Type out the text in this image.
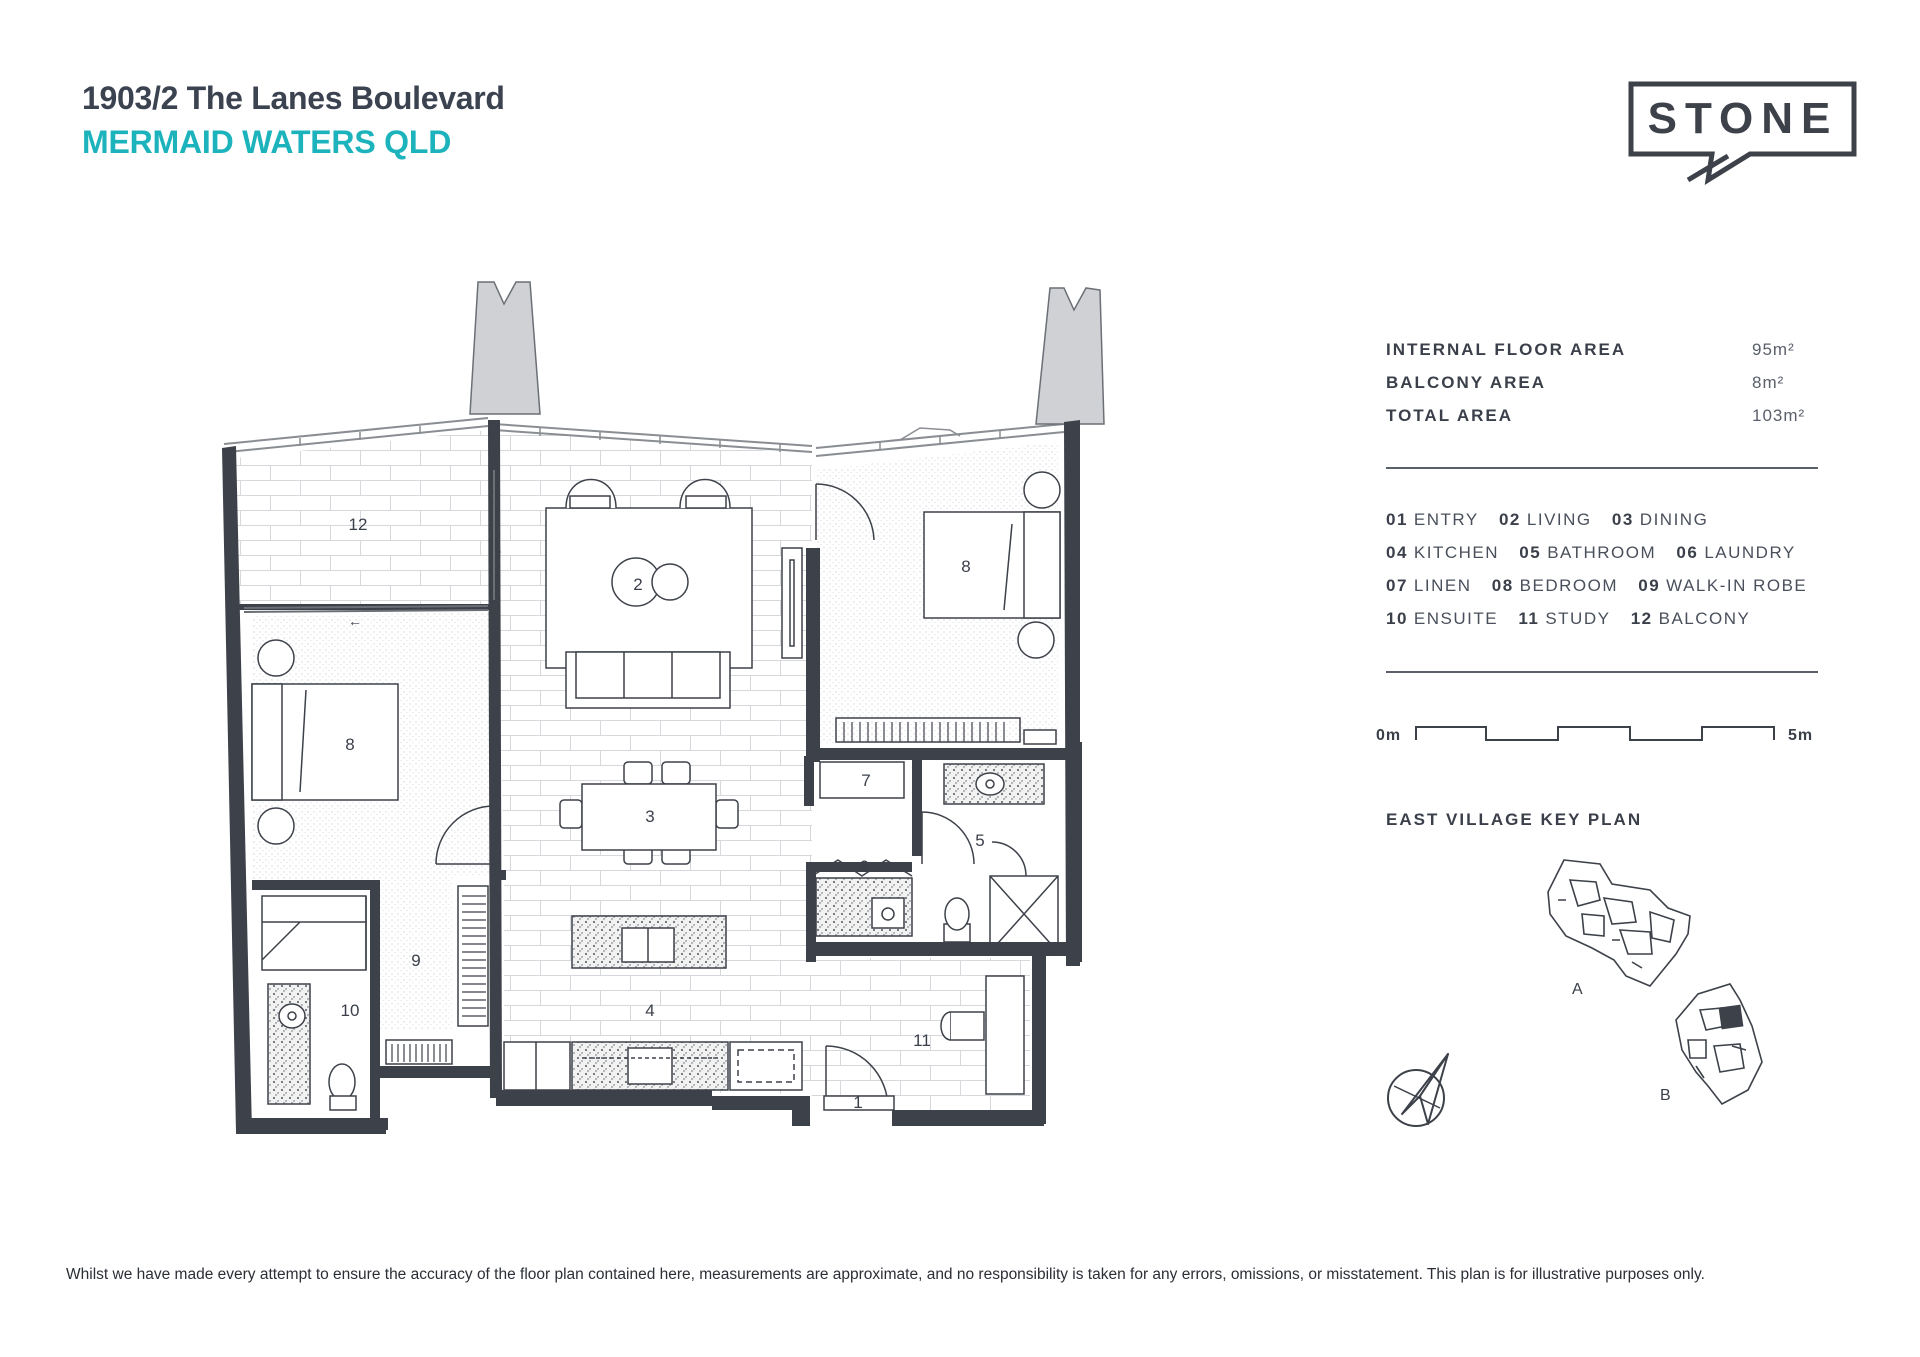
1903/2 The Lanes Boulevard
MERMAID WATERS QLD	STONE
INTERNAL FLOOR AREA	95m²
BALCONY AREA	8m²
TOTAL AREA	103m²
01 ENTRY 02 LIVING 03 DINING
04 KITCHEN 05 BATHROOM 06 LAUNDRY
07 LINEN 08 BEDROOM 09 WALK-IN ROBE
10 ENSUITE 11 STUDY 12 BALCONY
0m	5m
EAST VILLAGE KEY PLAN
A
B
←
↑
12
2
8
8
3
7
5
6
9
10	4
11
1
Whilst we have made every attempt to ensure the accuracy of the floor plan contained here, measurements are approximate, and no responsibility is taken for any errors, omissions, or misstatement. This plan is for illustrative purposes only.
